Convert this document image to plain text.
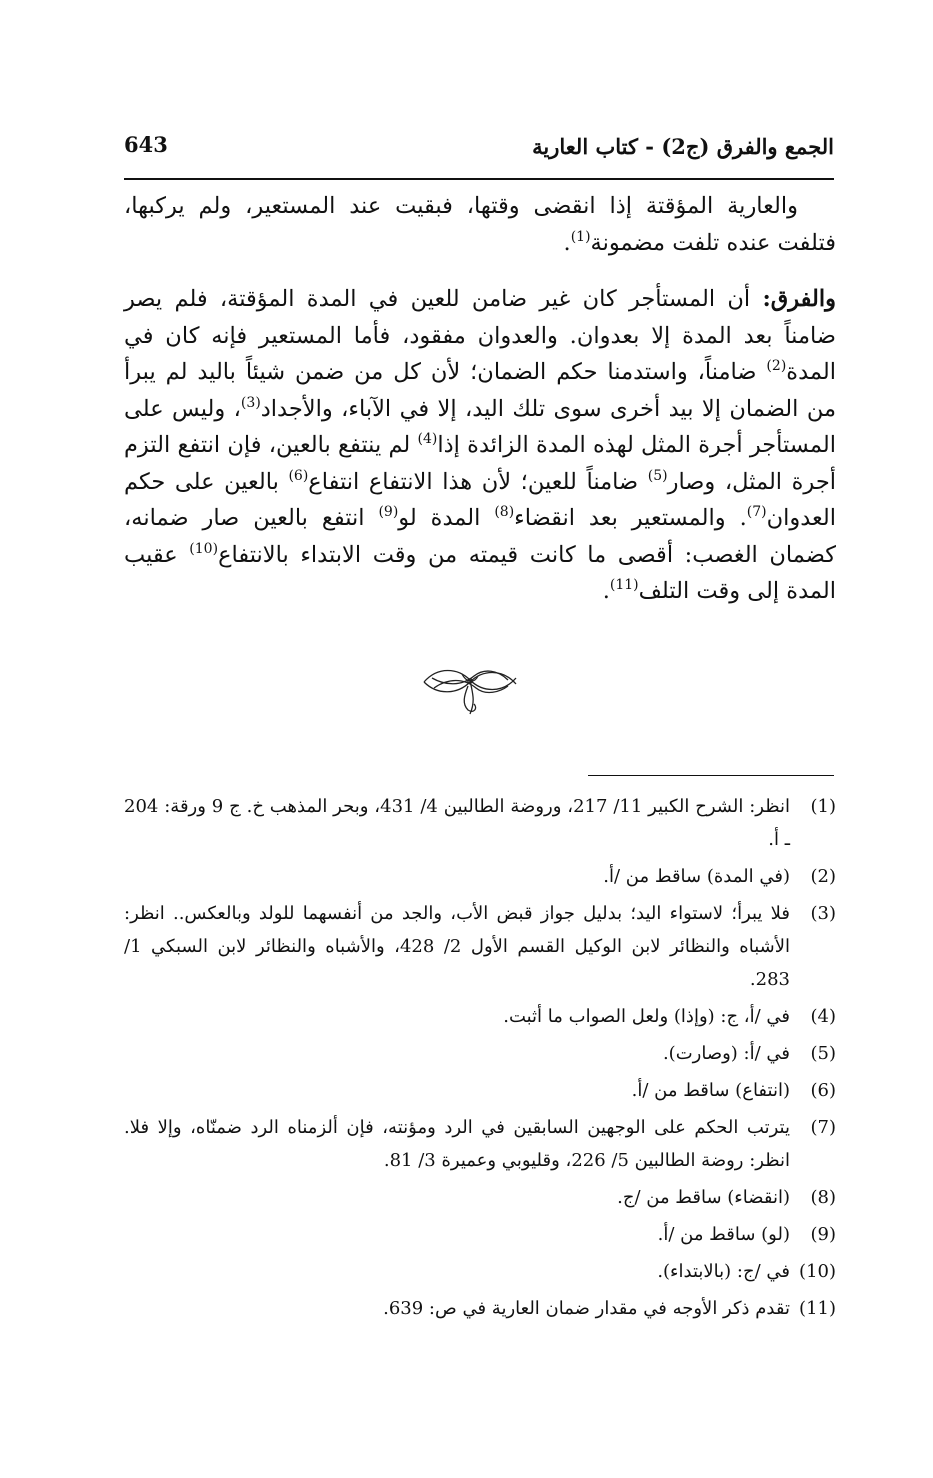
الجمع والفرق (ج2) - كتاب العارية
643

والعارية المؤقتة إذا انقضى وقتها، فبقيت عند المستعير، ولم يركبها، فتلفت عنده تلفت مضمونة$^{(1)}$.

والفرق: أن المستأجر كان غير ضامن للعين في المدة المؤقتة، فلم يصر ضامناً بعد المدة إلا بعدوان. والعدوان مفقود، فأما المستعير فإنه كان في المدة$^{(2)}$ ضامناً، واستدمنا حكم الضمان؛ لأن كل من ضمن شيئاً باليد لم يبرأ من الضمان إلا بيد أخرى سوى تلك اليد، إلا في الآباء، والأجداد$^{(3)}$، وليس على المستأجر أجرة المثل لهذه المدة الزائدة إذا$^{(4)}$ لم ينتفع بالعين، فإن انتفع التزم أجرة المثل، وصار$^{(5)}$ ضامناً للعين؛ لأن هذا الانتفاع انتفاع$^{(6)}$ بالعين على حكم العدوان$^{(7)}$. والمستعير بعد انقضاء$^{(8)}$ المدة لو$^{(9)}$ انتفع بالعين صار ضمانه، كضمان الغصب: أقصى ما كانت قيمته من وقت الابتداء بالانتفاع$^{(10)}$ عقيب المدة إلى وقت التلف$^{(11)}$.

(1)
انظر: الشرح الكبير 11/ 217، وروضة الطالبين 4/ 431، وبحر المذهب خ. ج 9 ورقة: 204 ـ أ.
(2)
(في المدة) ساقط من /أ.
(3)
فلا يبرأ؛ لاستواء اليد؛ بدليل جواز قبض الأب، والجد من أنفسهما للولد وبالعكس.. انظر: الأشباه والنظائر لابن الوكيل القسم الأول 2/ 428، والأشباه والنظائر لابن السبكي 1/ 283.
(4)
في /أ، ج: (وإذا) ولعل الصواب ما أثبت.
(5)
في /أ: (وصارت).
(6)
(انتفاع) ساقط من /أ.
(7)
يترتب الحكم على الوجهين السابقين في الرد ومؤنته، فإن ألزمناه الرد ضمنّاه، وإلا فلا. انظر: روضة الطالبين 5/ 226، وقليوبي وعميرة 3/ 81.
(8)
(انقضاء) ساقط من /ج.
(9)
(لو) ساقط من /أ.
(10)
في /ج: (بالابتداء).
(11)
تقدم ذكر الأوجه في مقدار ضمان العارية في ص: 639.
